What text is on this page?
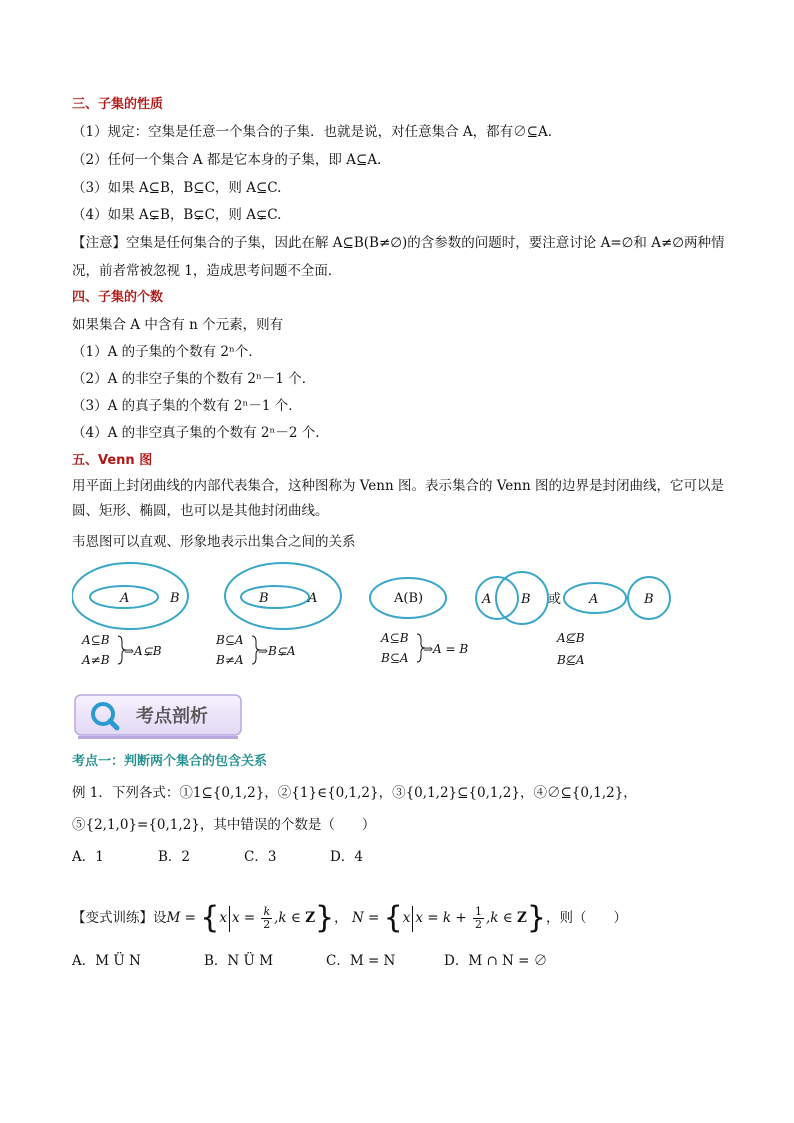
三、子集的性质
（1）规定：空集是任意一个集合的子集．也就是说，对任意集合 A，都有∅⊆A.
（2）任何一个集合 A 都是它本身的子集，即 A⊆A.
（3）如果 A⊆B，B⊆C，则 A⊆C.
（4）如果 A⊊B，B⊊C，则 A⊊C.
【注意】空集是任何集合的子集，因此在解 A⊆B(B≠∅)的含参数的问题时，要注意讨论 A=∅和 A≠∅两种情
况，前者常被忽视 1，造成思考问题不全面．
四、子集的个数
如果集合 A 中含有 n 个元素，则有
（1）A 的子集的个数有 2ⁿ个．
（2）A 的非空子集的个数有 2ⁿ－1 个．
（3）A 的真子集的个数有 2ⁿ－1 个．
（4）A 的非空真子集的个数有 2ⁿ－2 个．
五、Venn 图
用平面上封闭曲线的内部代表集合，这种图称为 Venn 图。表示集合的 Venn 图的边界是封闭曲线，它可以是圆、矩形、椭圆，也可以是其他封闭曲线。
韦恩图可以直观、形象地表示出集合之间的关系
A	B	B	A	A(B)	A B 或 A	B
A⊆B
A≠B
⇒A⊊B
B⊆A
B≠A
⇒B⊊A
A⊆B
B⊆A
⇒A = B
A⊈B
B⊈A
考点剖析
考点一：判断两个集合的包含关系
例 1．下列各式：①1⊆{0,1,2}，②{1}∈{0,1,2}，③{0,1,2}⊆{0,1,2}，④∅⊆{0,1,2}，
⑤{2,1,0}={0,1,2}，其中错误的个数是（　　）
A．1	B．2	C．3	D．4
【变式训练】设M = {x $x = \frac{k}{2} ,k$ ∈ Z}， N = {x $x = k + \frac{1}{2} ,k$ ∈ Z}，则（　　）
A．M Ü N	B．N Ü M	C．M = N	D．M ∩ N = ∅
